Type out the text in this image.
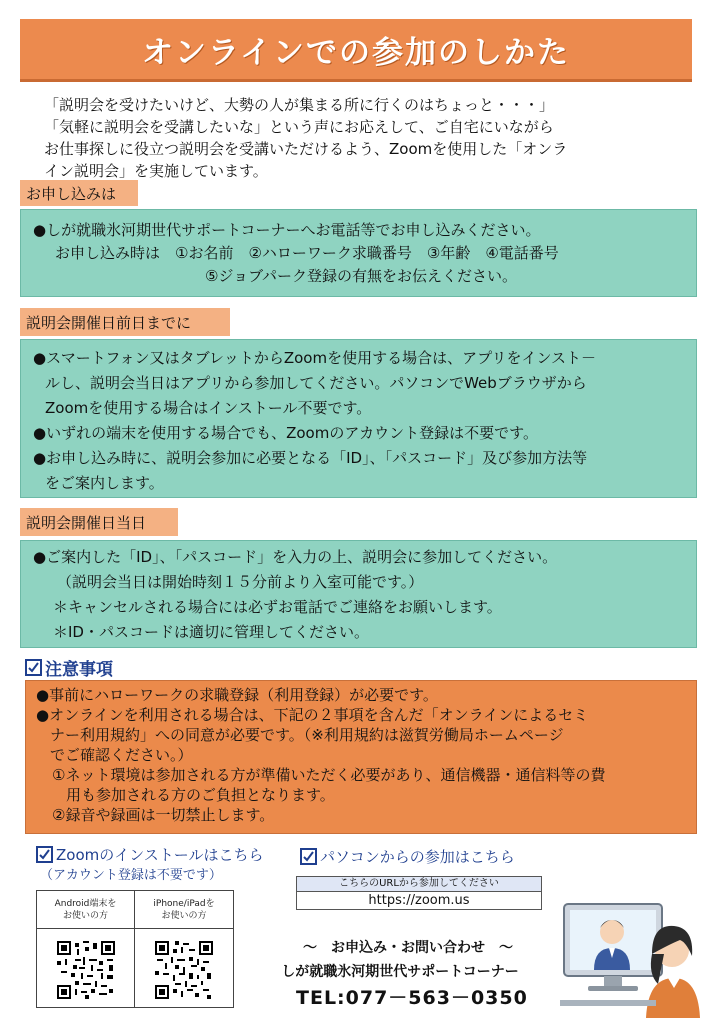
オンラインでの参加のしかた
「説明会を受けたいけど、大勢の人が集まる所に行くのはちょっと・・・」
「気軽に説明会を受講したいな」という声にお応えして、ご自宅にいながら
お仕事探しに役立つ説明会を受講いただけるよう、Zoomを使用した「オンラ
イン説明会」を実施しています。
お申し込みは
●しが就職氷河期世代サポートコーナーへお電話等でお申し込みください。
お申し込み時は　①お名前　②ハローワーク求職番号　③年齢　④電話番号
⑤ジョブパーク登録の有無をお伝えください。
説明会開催日前日までに
●スマートフォン又はタブレットからZoomを使用する場合は、アプリをインスト－
ルし、説明会当日はアプリから参加してください。パソコンでWebブラウザから
Zoomを使用する場合はインストール不要です。
●いずれの端末を使用する場合でも、Zoomのアカウント登録は不要です。
●お申し込み時に、説明会参加に必要となる「ID」、「パスコード」及び参加方法等
をご案内します。
説明会開催日当日
●ご案内した「ID」、「パスコード」を入力の上、説明会に参加してください。
（説明会当日は開始時刻１５分前より入室可能です。）
＊キャンセルされる場合には必ずお電話でご連絡をお願いします。
＊ID・パスコードは適切に管理してください。
注意事項
●事前にハローワークの求職登録（利用登録）が必要です。
●オンラインを利用される場合は、下記の２事項を含んだ「オンラインによるセミ
ナー利用規約」への同意が必要です。（※利用規約は滋賀労働局ホームページ
でご確認ください。）
①ネット環境は参加される方が準備いただく必要があり、通信機器・通信料等の費
用も参加される方のご負担となります。
②録音や録画は一切禁止します。
Zoomのインストールはこちら
（アカウント登録は不要です）
パソコンからの参加はこちら
Android端末を
お使いの方
iPhone/iPadを
お使いの方
こちらのURLから参加してください
https://zoom.us
～　お申込み・お問い合わせ　～
しが就職氷河期世代サポートコーナー
TEL:077－563－0350
